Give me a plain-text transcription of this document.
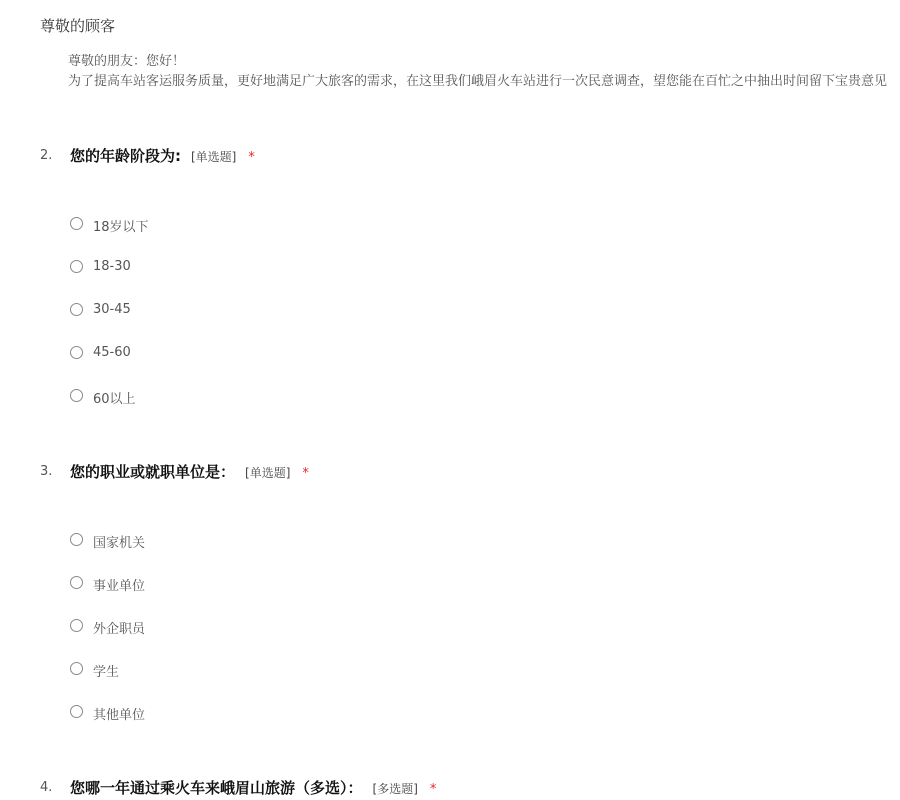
尊敬的顾客
尊敬的朋友：您好！
为了提高车站客运服务质量，更好地满足广大旅客的需求，在这里我们峨眉火车站进行一次民意调查，望您能在百忙之中抽出时间留下宝贵意见
2. 您的年龄阶段为: [单选题] *
18岁以下
18-30
30-45
45-60
60以上
3. 您的职业或就职单位是： [单选题] *
国家机关
事业单位
外企职员
学生
其他单位
4. 您哪一年通过乘火车来峨眉山旅游（多选）： [多选题] *
